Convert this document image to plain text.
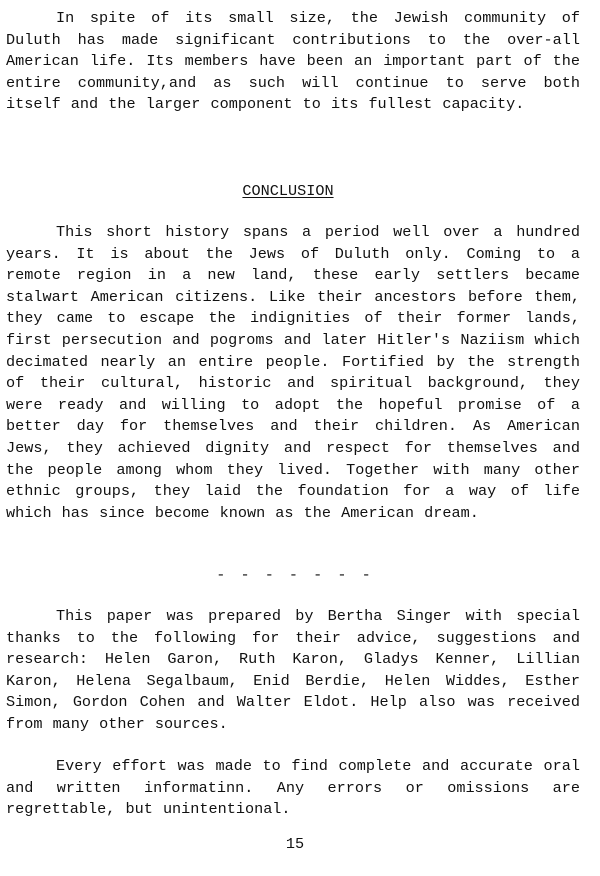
In spite of its small size, the Jewish community of Duluth has made significant contributions to the over-all American life. Its members have been an important part of the entire community,and as such will continue to serve both itself and the larger component to its fullest capacity.

CONCLUSION

This short history spans a period well over a hundred years. It is about the Jews of Duluth only. Coming to a remote region in a new land, these early settlers became stalwart American citizens. Like their ancestors before them, they came to escape the indignities of their former lands, first persecution and pogroms and later Hitler's Naziism which decimated nearly an entire people. Fortified by the strength of their cultural, historic and spiritual background, they were ready and willing to adopt the hopeful promise of a better day for themselves and their children. As American Jews, they achieved dignity and respect for themselves and the people among whom they lived. Together with many other ethnic groups, they laid the foundation for a way of life which has since become known as the American dream.

- - - - - - -

This paper was prepared by Bertha Singer with special thanks to the following for their advice, suggestions and research: Helen Garon, Ruth Karon, Gladys Kenner, Lillian Karon, Helena Segalbaum, Enid Berdie, Helen Widdes, Esther Simon, Gordon Cohen and Walter Eldot. Help also was received from many other sources.

Every effort was made to find complete and accurate oral and written informatinn. Any errors or omissions are regrettable, but unintentional.

15
